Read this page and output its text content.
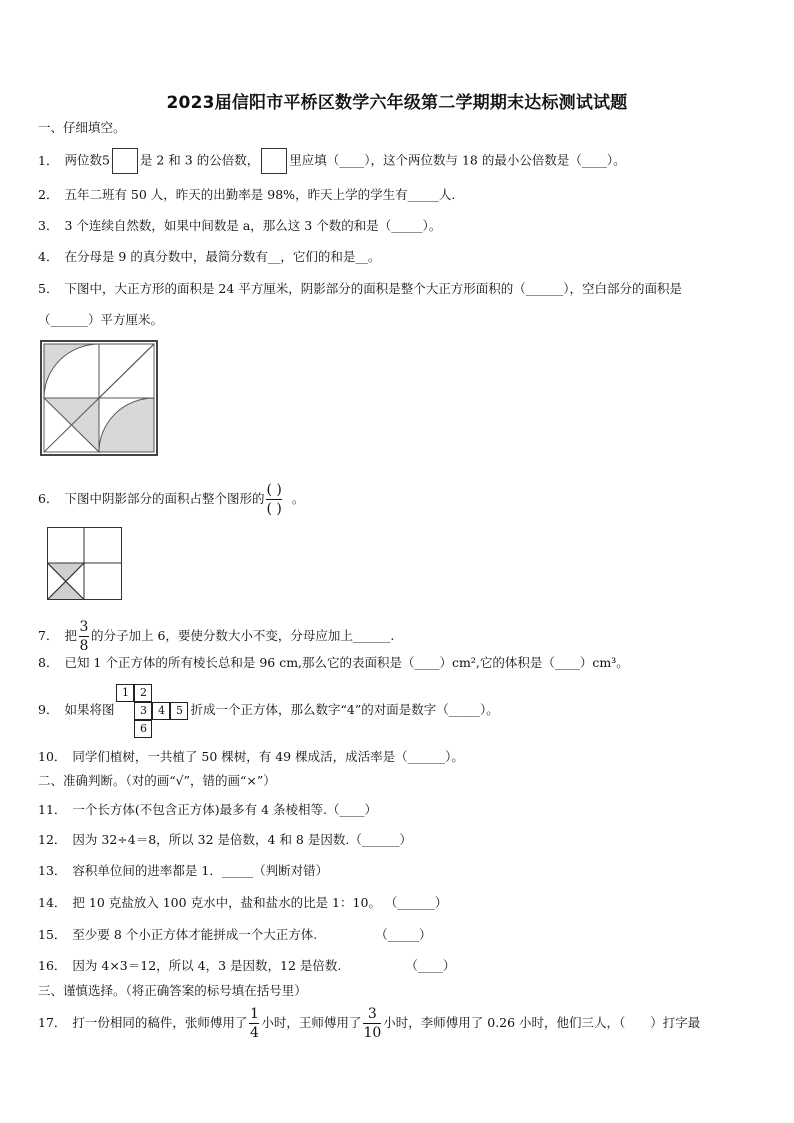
2023届信阳市平桥区数学六年级第二学期期末达标测试试题
一、仔细填空。
1． 两位数5 是 2 和 3 的公倍数， 里应填（____），这个两位数与 18 的最小公倍数是（____）。
2． 五年二班有 50 人，昨天的出勤率是 98%，昨天上学的学生有_____人.
3． 3 个连续自然数，如果中间数是 a，那么这 3 个数的和是（_____）。
4． 在分母是 9 的真分数中，最简分数有__，它们的和是__。
5． 下图中，大正方形的面积是 24 平方厘米，阴影部分的面积是整个大正方形面积的（______），空白部分的面积是
（______）平方厘米。
6． 下图中阴影部分的面积占整个图形的 $\frac{( )}{( )}$ 。
7． 把 $\frac{3}{8}$ 的分子加上 6，要使分数大小不变，分母应加上______.
8． 已知 1 个正方体的所有棱长总和是 96 cm,那么它的表面积是（____）cm²,它的体积是（____）cm³。
9． 如果将图
1	2
3	4	5
6
折成一个正方体，那么数字“4”的对面是数字（_____）。
10． 同学们植树，一共植了 50 棵树，有 49 棵成活，成活率是（______）。
二、准确判断。（对的画“√”，错的画“×”）
11． 一个长方体(不包含正方体)最多有 4 条棱相等.（____）
12． 因为 32÷4＝8，所以 32 是倍数，4 和 8 是因数.（______）
13． 容积单位间的进率都是 1．_____（判断对错）
14． 把 10 克盐放入 100 克水中，盐和盐水的比是 1：10。 （______）
15． 至少要 8 个小正方体才能拼成一个大正方体.	（_____）
16． 因为 4×3＝12，所以 4，3 是因数，12 是倍数.	（____）
三、谨慎选择。（将正确答案的标号填在括号里）
17． 打一份相同的稿件，张师傅用了 $\frac{1}{4}$ 小时，王师傅用了 $\frac{3}{10}$ 小时，李师傅用了 0.26 小时，他们三人，（　　）打字最
